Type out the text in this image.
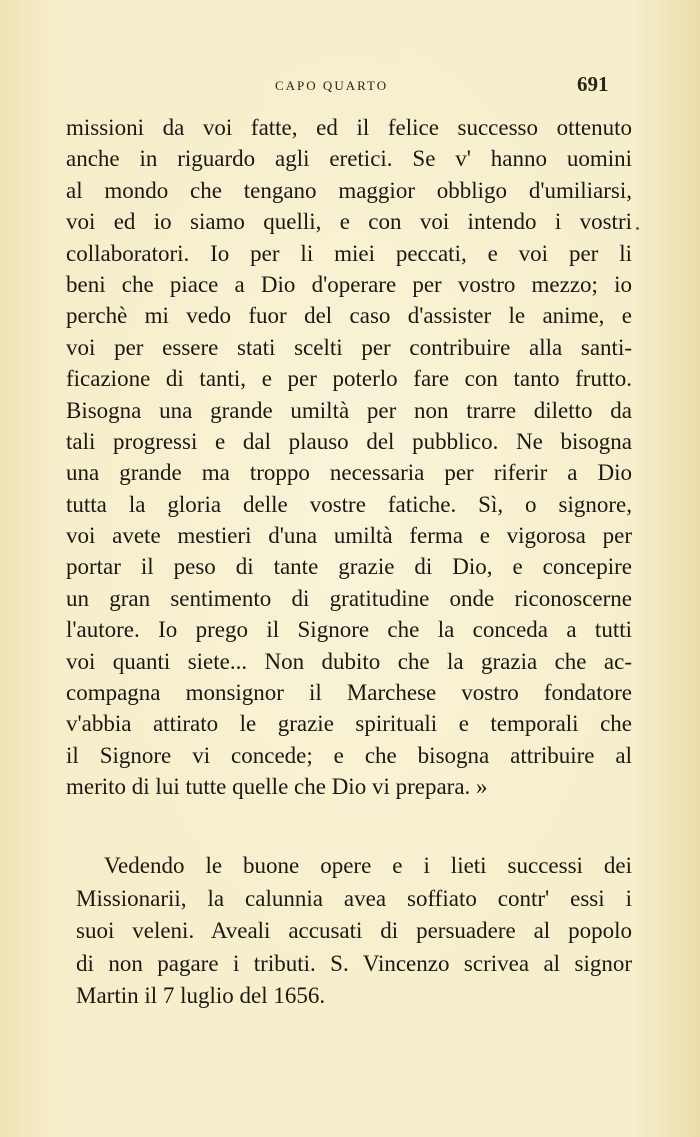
CAPO QUARTO	691
missioni da voi fatte, ed il felice successo ottenuto
anche in riguardo agli eretici. Se v' hanno uomini
al mondo che tengano maggior obbligo d'umiliarsi,
voi ed io siamo quelli, e con voi intendo i vostri
collaboratori. Io per li miei peccati, e voi per li
beni che piace a Dio d'operare per vostro mezzo; io
perchè mi vedo fuor del caso d'assister le anime, e
voi per essere stati scelti per contribuire alla santi-
ficazione di tanti, e per poterlo fare con tanto frutto.
Bisogna una grande umiltà per non trarre diletto da
tali progressi e dal plauso del pubblico. Ne bisogna
una grande ma troppo necessaria per riferir a Dio
tutta la gloria delle vostre fatiche. Sì, o signore,
voi avete mestieri d'una umiltà ferma e vigorosa per
portar il peso di tante grazie di Dio, e concepire
un gran sentimento di gratitudine onde riconoscerne
l'autore. Io prego il Signore che la conceda a tutti
voi quanti siete... Non dubito che la grazia che ac-
compagna monsignor il Marchese vostro fondatore
v'abbia attirato le grazie spirituali e temporali che
il Signore vi concede; e che bisogna attribuire al
merito di lui tutte quelle che Dio vi prepara. »
Vedendo le buone opere e i lieti successi dei
Missionarii, la calunnia avea soffiato contr' essi i
suoi veleni. Aveali accusati di persuadere al popolo
di non pagare i tributi. S. Vincenzo scrivea al signor
Martin il 7 luglio del 1656.
